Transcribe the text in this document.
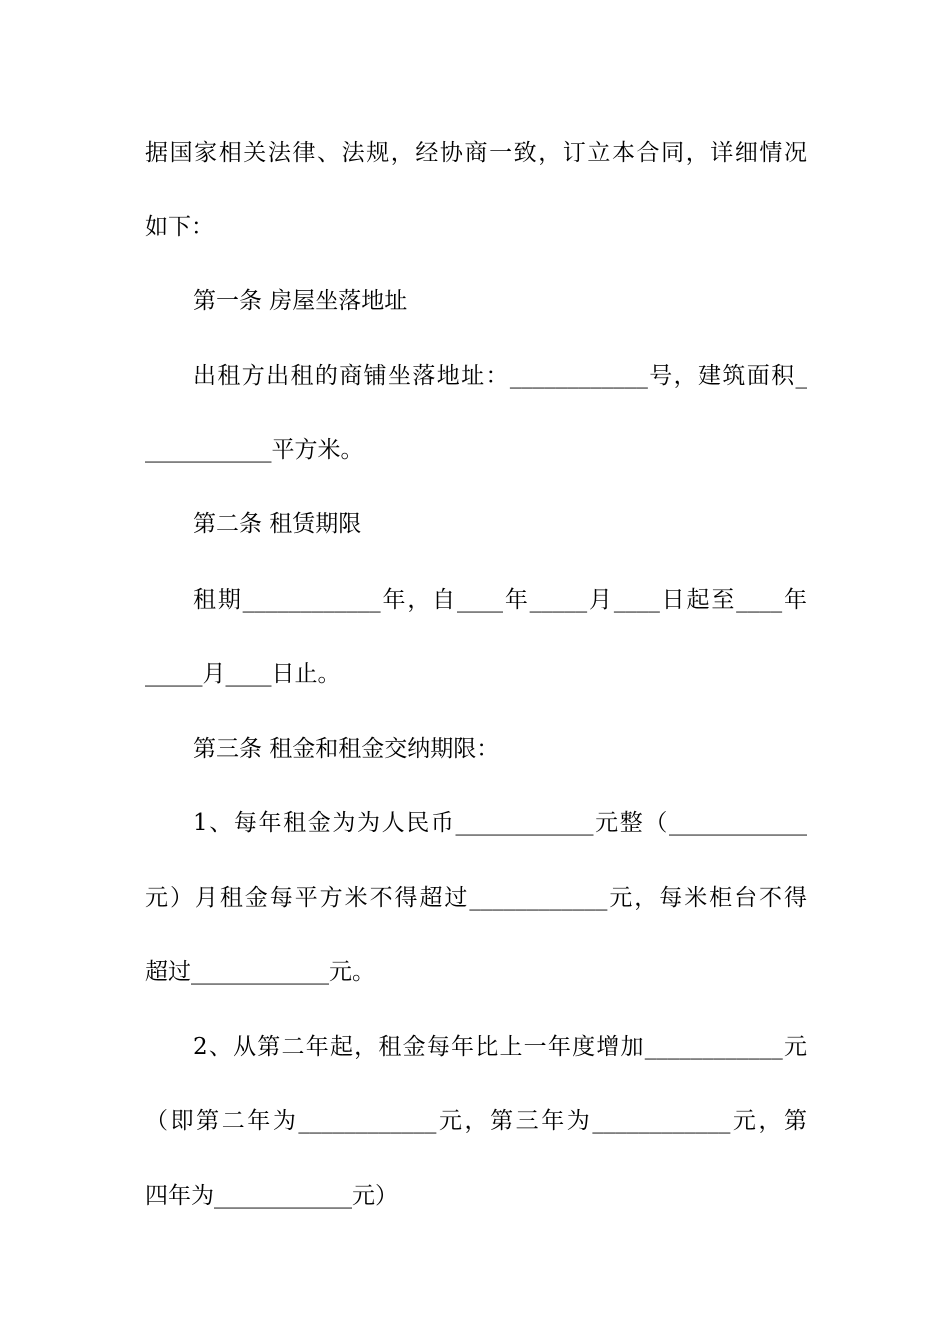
据国家相关法律、法规，经协商一致，订立本合同，详细情况
如下：
第一条 房屋坐落地址
出租方出租的商铺坐落地址：____________号，建筑面积_
___________平方米。
第二条 租赁期限
租期____________年，自____年_____月____日起至____年
_____月____日止。
第三条 租金和租金交纳期限：
1、每年租金为为人民币____________元整（____________
元）月租金每平方米不得超过____________元，每米柜台不得
超过____________元。
2、从第二年起，租金每年比上一年度增加____________元
（即第二年为____________元，第三年为____________元，第
四年为____________元）
